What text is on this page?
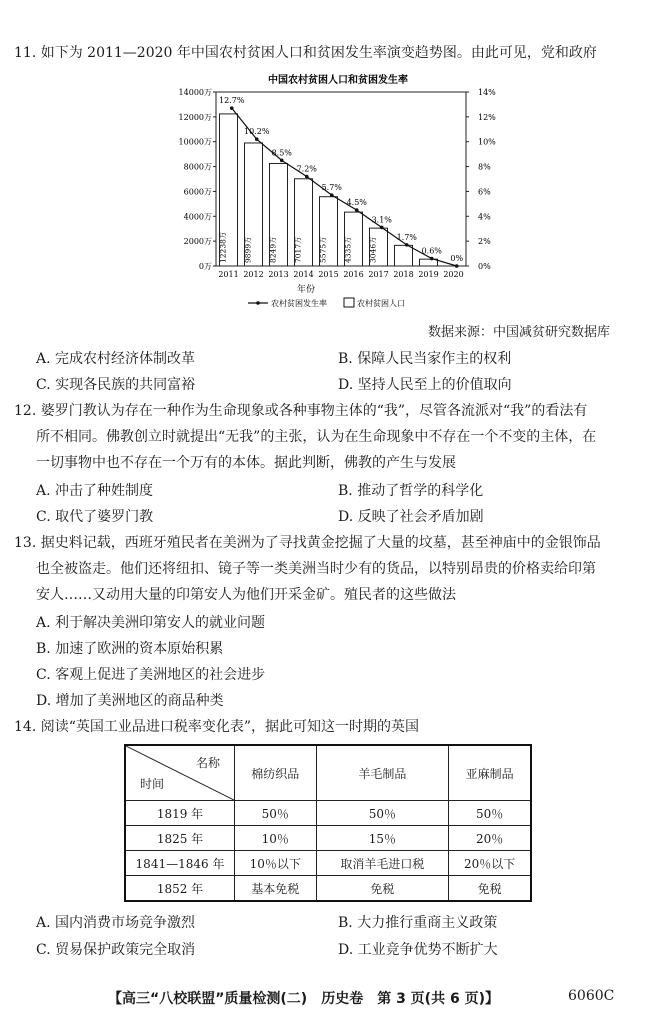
11. 如下为 2011—2020 年中国农村贫困人口和贫困发生率演变趋势图。由此可见，党和政府
中国农村贫困人口和贫困发生率
0万
2000万
4000万
6000万
8000万
10000万
12000万
14000万
0%
2%
4%
6%
8%
10%
12%
14%
2011 2012 2013 2014 2015 2016 2017 2018 2019 2020
12238万 9899万 8249万 7017万 5575万 4335万 3046万
12.7%
10.2%
8.5%
7.2%
5.7%
4.5%
3.1%
1.7%
0.6%
0%
年份
农村贫困发生率	农村贫困人口
数据来源：中国减贫研究数据库
A. 完成农村经济体制改革	B. 保障人民当家作主的权利
C. 实现各民族的共同富裕	D. 坚持人民至上的价值取向
12. 婆罗门教认为存在一种作为生命现象或各种事物主体的“我”，尽管各流派对“我”的看法有
所不相同。佛教创立时就提出“无我”的主张，认为在生命现象中不存在一个不变的主体，在
一切事物中也不存在一个万有的本体。据此判断，佛教的产生与发展
A. 冲击了种姓制度	B. 推动了哲学的科学化
C. 取代了婆罗门教	D. 反映了社会矛盾加剧
13. 据史料记载，西班牙殖民者在美洲为了寻找黄金挖掘了大量的坟墓，甚至神庙中的金银饰品
也全被盗走。他们还将纽扣、镜子等一类美洲当时少有的货品，以特别昂贵的价格卖给印第
安人……又动用大量的印第安人为他们开采金矿。殖民者的这些做法
A. 利于解决美洲印第安人的就业问题
B. 加速了欧洲的资本原始积累
C. 客观上促进了美洲地区的社会进步
D. 增加了美洲地区的商品种类
14. 阅读“英国工业品进口税率变化表”，据此可知这一时期的英国
名称
时间	棉纺织品	羊毛制品	亚麻制品
1819 年	50％	50％	50％
1825 年	10％	15％	20％
1841—1846 年	10％以下	取消羊毛进口税	20％以下
1852 年	基本免税	免税	免税
A. 国内消费市场竞争激烈	B. 大力推行重商主义政策
C. 贸易保护政策完全取消	D. 工业竞争优势不断扩大
【高三“八校联盟”质量检测(二)　历史卷　第 3 页(共 6 页)】	6060C
